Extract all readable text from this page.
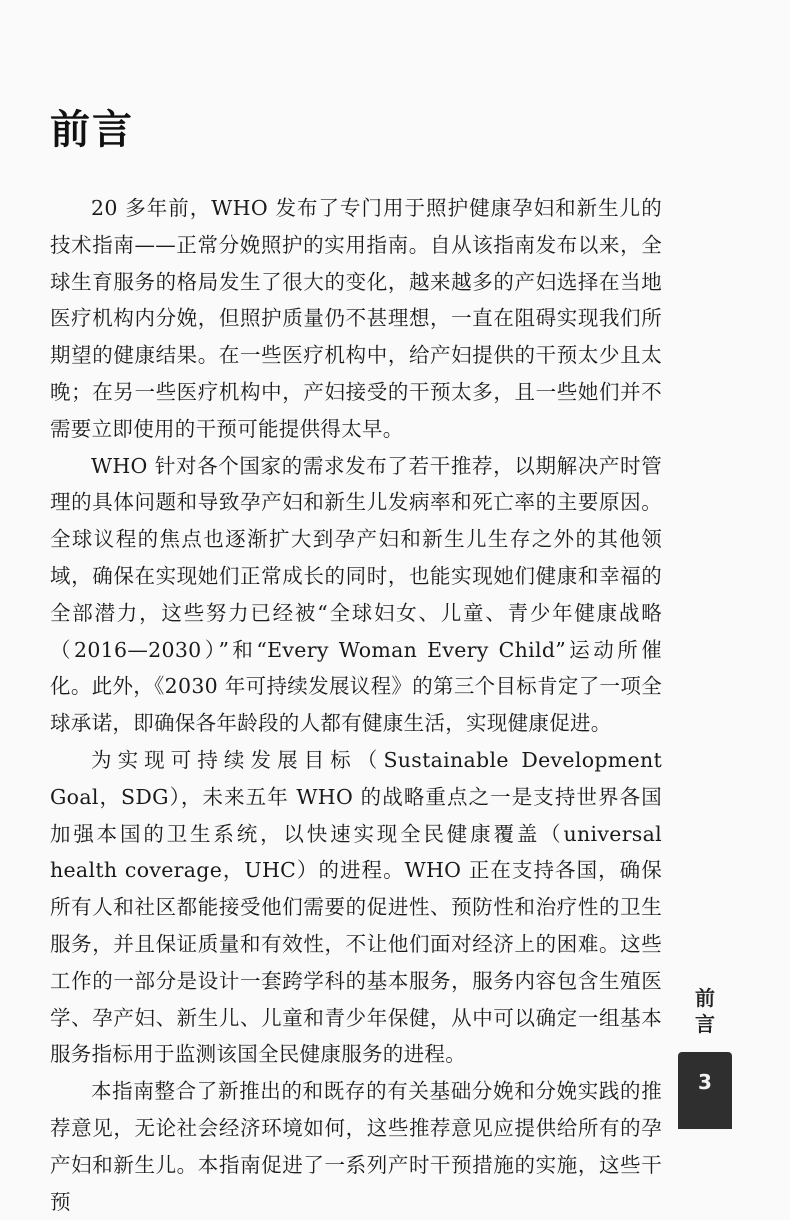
前言

20 多年前，WHO 发布了专门用于照护健康孕妇和新生儿的技术指南——正常分娩照护的实用指南。自从该指南发布以来，全球生育服务的格局发生了很大的变化，越来越多的产妇选择在当地医疗机构内分娩，但照护质量仍不甚理想，一直在阻碍实现我们所期望的健康结果。在一些医疗机构中，给产妇提供的干预太少且太晚；在另一些医疗机构中，产妇接受的干预太多，且一些她们并不需要立即使用的干预可能提供得太早。

WHO 针对各个国家的需求发布了若干推荐，以期解决产时管理的具体问题和导致孕产妇和新生儿发病率和死亡率的主要原因。全球议程的焦点也逐渐扩大到孕产妇和新生儿生存之外的其他领域，确保在实现她们正常成长的同时，也能实现她们健康和幸福的全部潜力，这些努力已经被“全球妇女、儿童、青少年健康战略（2016—2030）”和“Every Woman Every Child”运动所催化。此外，《2030 年可持续发展议程》的第三个目标肯定了一项全球承诺，即确保各年龄段的人都有健康生活，实现健康促进。

为实现可持续发展目标（Sustainable Development Goal，SDG），未来五年 WHO 的战略重点之一是支持世界各国加强本国的卫生系统，以快速实现全民健康覆盖（universal health coverage，UHC）的进程。WHO 正在支持各国，确保所有人和社区都能接受他们需要的促进性、预防性和治疗性的卫生服务，并且保证质量和有效性，不让他们面对经济上的困难。这些工作的一部分是设计一套跨学科的基本服务，服务内容包含生殖医学、孕产妇、新生儿、儿童和青少年保健，从中可以确定一组基本服务指标用于监测该国全民健康服务的进程。

本指南整合了新推出的和既存的有关基础分娩和分娩实践的推荐意见，无论社会经济环境如何，这些推荐意见应提供给所有的孕产妇和新生儿。本指南促进了一系列产时干预措施的实施，这些干预

前言
3
